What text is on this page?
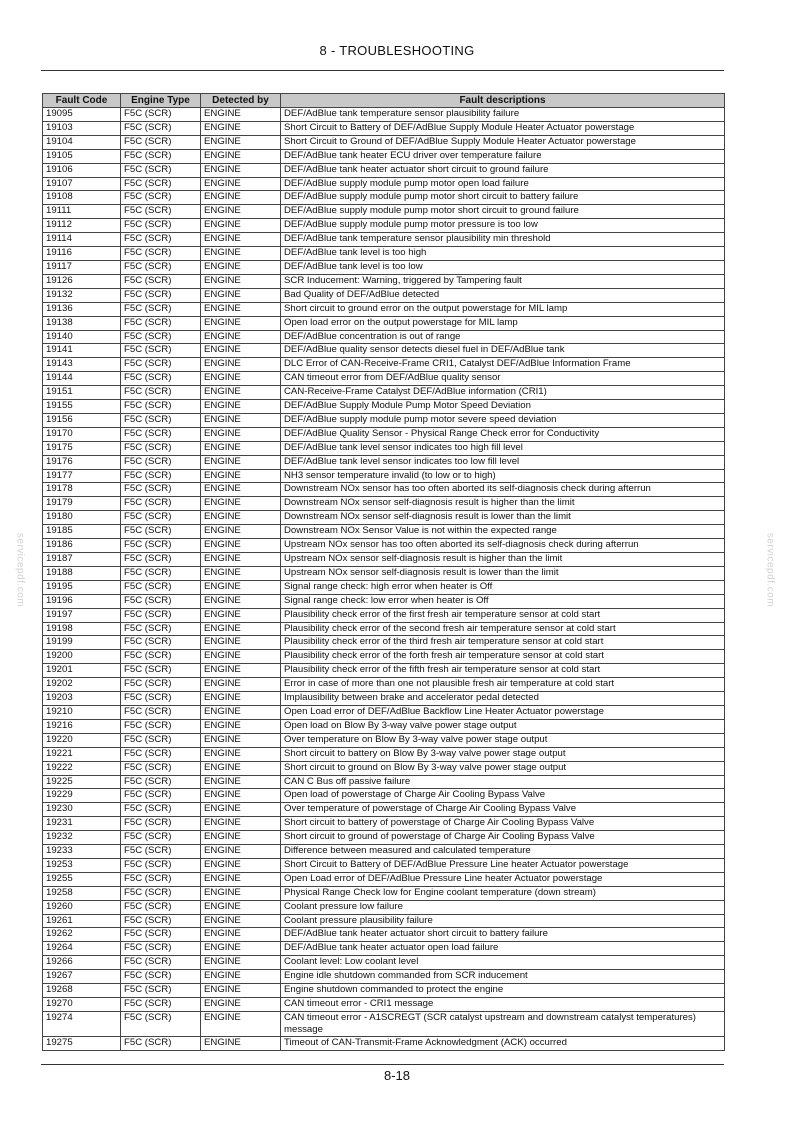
8 - TROUBLESHOOTING
servicepdf.com	servicepdf.com
Fault Code	Engine Type	Detected by	Fault descriptions
19095	F5C (SCR)	ENGINE	DEF/AdBlue tank temperature sensor plausibility failure
19103	F5C (SCR)	ENGINE	Short Circuit to Battery of DEF/AdBlue Supply Module Heater Actuator powerstage
19104	F5C (SCR)	ENGINE	Short Circuit to Ground of DEF/AdBlue Supply Module Heater Actuator powerstage
19105	F5C (SCR)	ENGINE	DEF/AdBlue tank heater ECU driver over temperature failure
19106	F5C (SCR)	ENGINE	DEF/AdBlue tank heater actuator short circuit to ground failure
19107	F5C (SCR)	ENGINE	DEF/AdBlue supply module pump motor open load failure
19108	F5C (SCR)	ENGINE	DEF/AdBlue supply module pump motor short circuit to battery failure
19111	F5C (SCR)	ENGINE	DEF/AdBlue supply module pump motor short circuit to ground failure
19112	F5C (SCR)	ENGINE	DEF/AdBlue supply module pump motor pressure is too low
19114	F5C (SCR)	ENGINE	DEF/AdBlue tank temperature sensor plausibility min threshold
19116	F5C (SCR)	ENGINE	DEF/AdBlue tank level is too high
19117	F5C (SCR)	ENGINE	DEF/AdBlue tank level is too low
19126	F5C (SCR)	ENGINE	SCR Inducement: Warning, triggered by Tampering fault
19132	F5C (SCR)	ENGINE	Bad Quality of DEF/AdBlue detected
19136	F5C (SCR)	ENGINE	Short circuit to ground error on the output powerstage for MIL lamp
19138	F5C (SCR)	ENGINE	Open load error on the output powerstage for MIL lamp
19140	F5C (SCR)	ENGINE	DEF/AdBlue concentration is out of range
19141	F5C (SCR)	ENGINE	DEF/AdBlue quality sensor detects diesel fuel in DEF/AdBlue tank
19143	F5C (SCR)	ENGINE	DLC Error of CAN-Receive-Frame CRI1, Catalyst DEF/AdBlue Information Frame
19144	F5C (SCR)	ENGINE	CAN timeout error from DEF/AdBlue quality sensor
19151	F5C (SCR)	ENGINE	CAN-Receive-Frame Catalyst DEF/AdBlue information (CRI1)
19155	F5C (SCR)	ENGINE	DEF/AdBlue Supply Module Pump Motor Speed Deviation
19156	F5C (SCR)	ENGINE	DEF/AdBlue supply module pump motor severe speed deviation
19170	F5C (SCR)	ENGINE	DEF/AdBlue Quality Sensor - Physical Range Check error for Conductivity
19175	F5C (SCR)	ENGINE	DEF/AdBlue tank level sensor indicates too high fill level
19176	F5C (SCR)	ENGINE	DEF/AdBlue tank level sensor indicates too low fill level
19177	F5C (SCR)	ENGINE	NH3 sensor temperature invalid (to low or to high)
19178	F5C (SCR)	ENGINE	Downstream NOx sensor has too often aborted its self-diagnosis check during afterrun
19179	F5C (SCR)	ENGINE	Downstream NOx sensor self-diagnosis result is higher than the limit
19180	F5C (SCR)	ENGINE	Downstream NOx sensor self-diagnosis result is lower than the limit
19185	F5C (SCR)	ENGINE	Downstream NOx Sensor Value is not within the expected range
19186	F5C (SCR)	ENGINE	Upstream NOx sensor has too often aborted its self-diagnosis check during afterrun
19187	F5C (SCR)	ENGINE	Upstream NOx sensor self-diagnosis result is higher than the limit
19188	F5C (SCR)	ENGINE	Upstream NOx sensor self-diagnosis result is lower than the limit
19195	F5C (SCR)	ENGINE	Signal range check: high error when heater is Off
19196	F5C (SCR)	ENGINE	Signal range check: low error when heater is Off
19197	F5C (SCR)	ENGINE	Plausibility check error of the first fresh air temperature sensor at cold start
19198	F5C (SCR)	ENGINE	Plausibility check error of the second fresh air temperature sensor at cold start
19199	F5C (SCR)	ENGINE	Plausibility check error of the third fresh air temperature sensor at cold start
19200	F5C (SCR)	ENGINE	Plausibility check error of the forth fresh air temperature sensor at cold start
19201	F5C (SCR)	ENGINE	Plausibility check error of the fifth fresh air temperature sensor at cold start
19202	F5C (SCR)	ENGINE	Error in case of more than one not plausible fresh air temperature at cold start
19203	F5C (SCR)	ENGINE	Implausibility between brake and accelerator pedal detected
19210	F5C (SCR)	ENGINE	Open Load error of DEF/AdBlue Backflow Line Heater Actuator powerstage
19216	F5C (SCR)	ENGINE	Open load on Blow By 3-way valve power stage output
19220	F5C (SCR)	ENGINE	Over temperature on Blow By 3-way valve power stage output
19221	F5C (SCR)	ENGINE	Short circuit to battery on Blow By 3-way valve power stage output
19222	F5C (SCR)	ENGINE	Short circuit to ground on Blow By 3-way valve power stage output
19225	F5C (SCR)	ENGINE	CAN C Bus off passive failure
19229	F5C (SCR)	ENGINE	Open load of powerstage of Charge Air Cooling Bypass Valve
19230	F5C (SCR)	ENGINE	Over temperature of powerstage of Charge Air Cooling Bypass Valve
19231	F5C (SCR)	ENGINE	Short circuit to battery of powerstage of Charge Air Cooling Bypass Valve
19232	F5C (SCR)	ENGINE	Short circuit to ground of powerstage of Charge Air Cooling Bypass Valve
19233	F5C (SCR)	ENGINE	Difference between measured and calculated temperature
19253	F5C (SCR)	ENGINE	Short Circuit to Battery of DEF/AdBlue Pressure Line heater Actuator powerstage
19255	F5C (SCR)	ENGINE	Open Load error of DEF/AdBlue Pressure Line heater Actuator powerstage
19258	F5C (SCR)	ENGINE	Physical Range Check low for Engine coolant temperature (down stream)
19260	F5C (SCR)	ENGINE	Coolant pressure low failure
19261	F5C (SCR)	ENGINE	Coolant pressure plausibility failure
19262	F5C (SCR)	ENGINE	DEF/AdBlue tank heater actuator short circuit to battery failure
19264	F5C (SCR)	ENGINE	DEF/AdBlue tank heater actuator open load failure
19266	F5C (SCR)	ENGINE	Coolant level: Low coolant level
19267	F5C (SCR)	ENGINE	Engine idle shutdown commanded from SCR inducement
19268	F5C (SCR)	ENGINE	Engine shutdown commanded to protect the engine
19270	F5C (SCR)	ENGINE	CAN timeout error - CRI1 message
19274	F5C (SCR)	ENGINE	CAN timeout error - A1SCREGT (SCR catalyst upstream and downstream catalyst temperatures) message
19275	F5C (SCR)	ENGINE	Timeout of CAN-Transmit-Frame Acknowledgment (ACK) occurred
8-18
